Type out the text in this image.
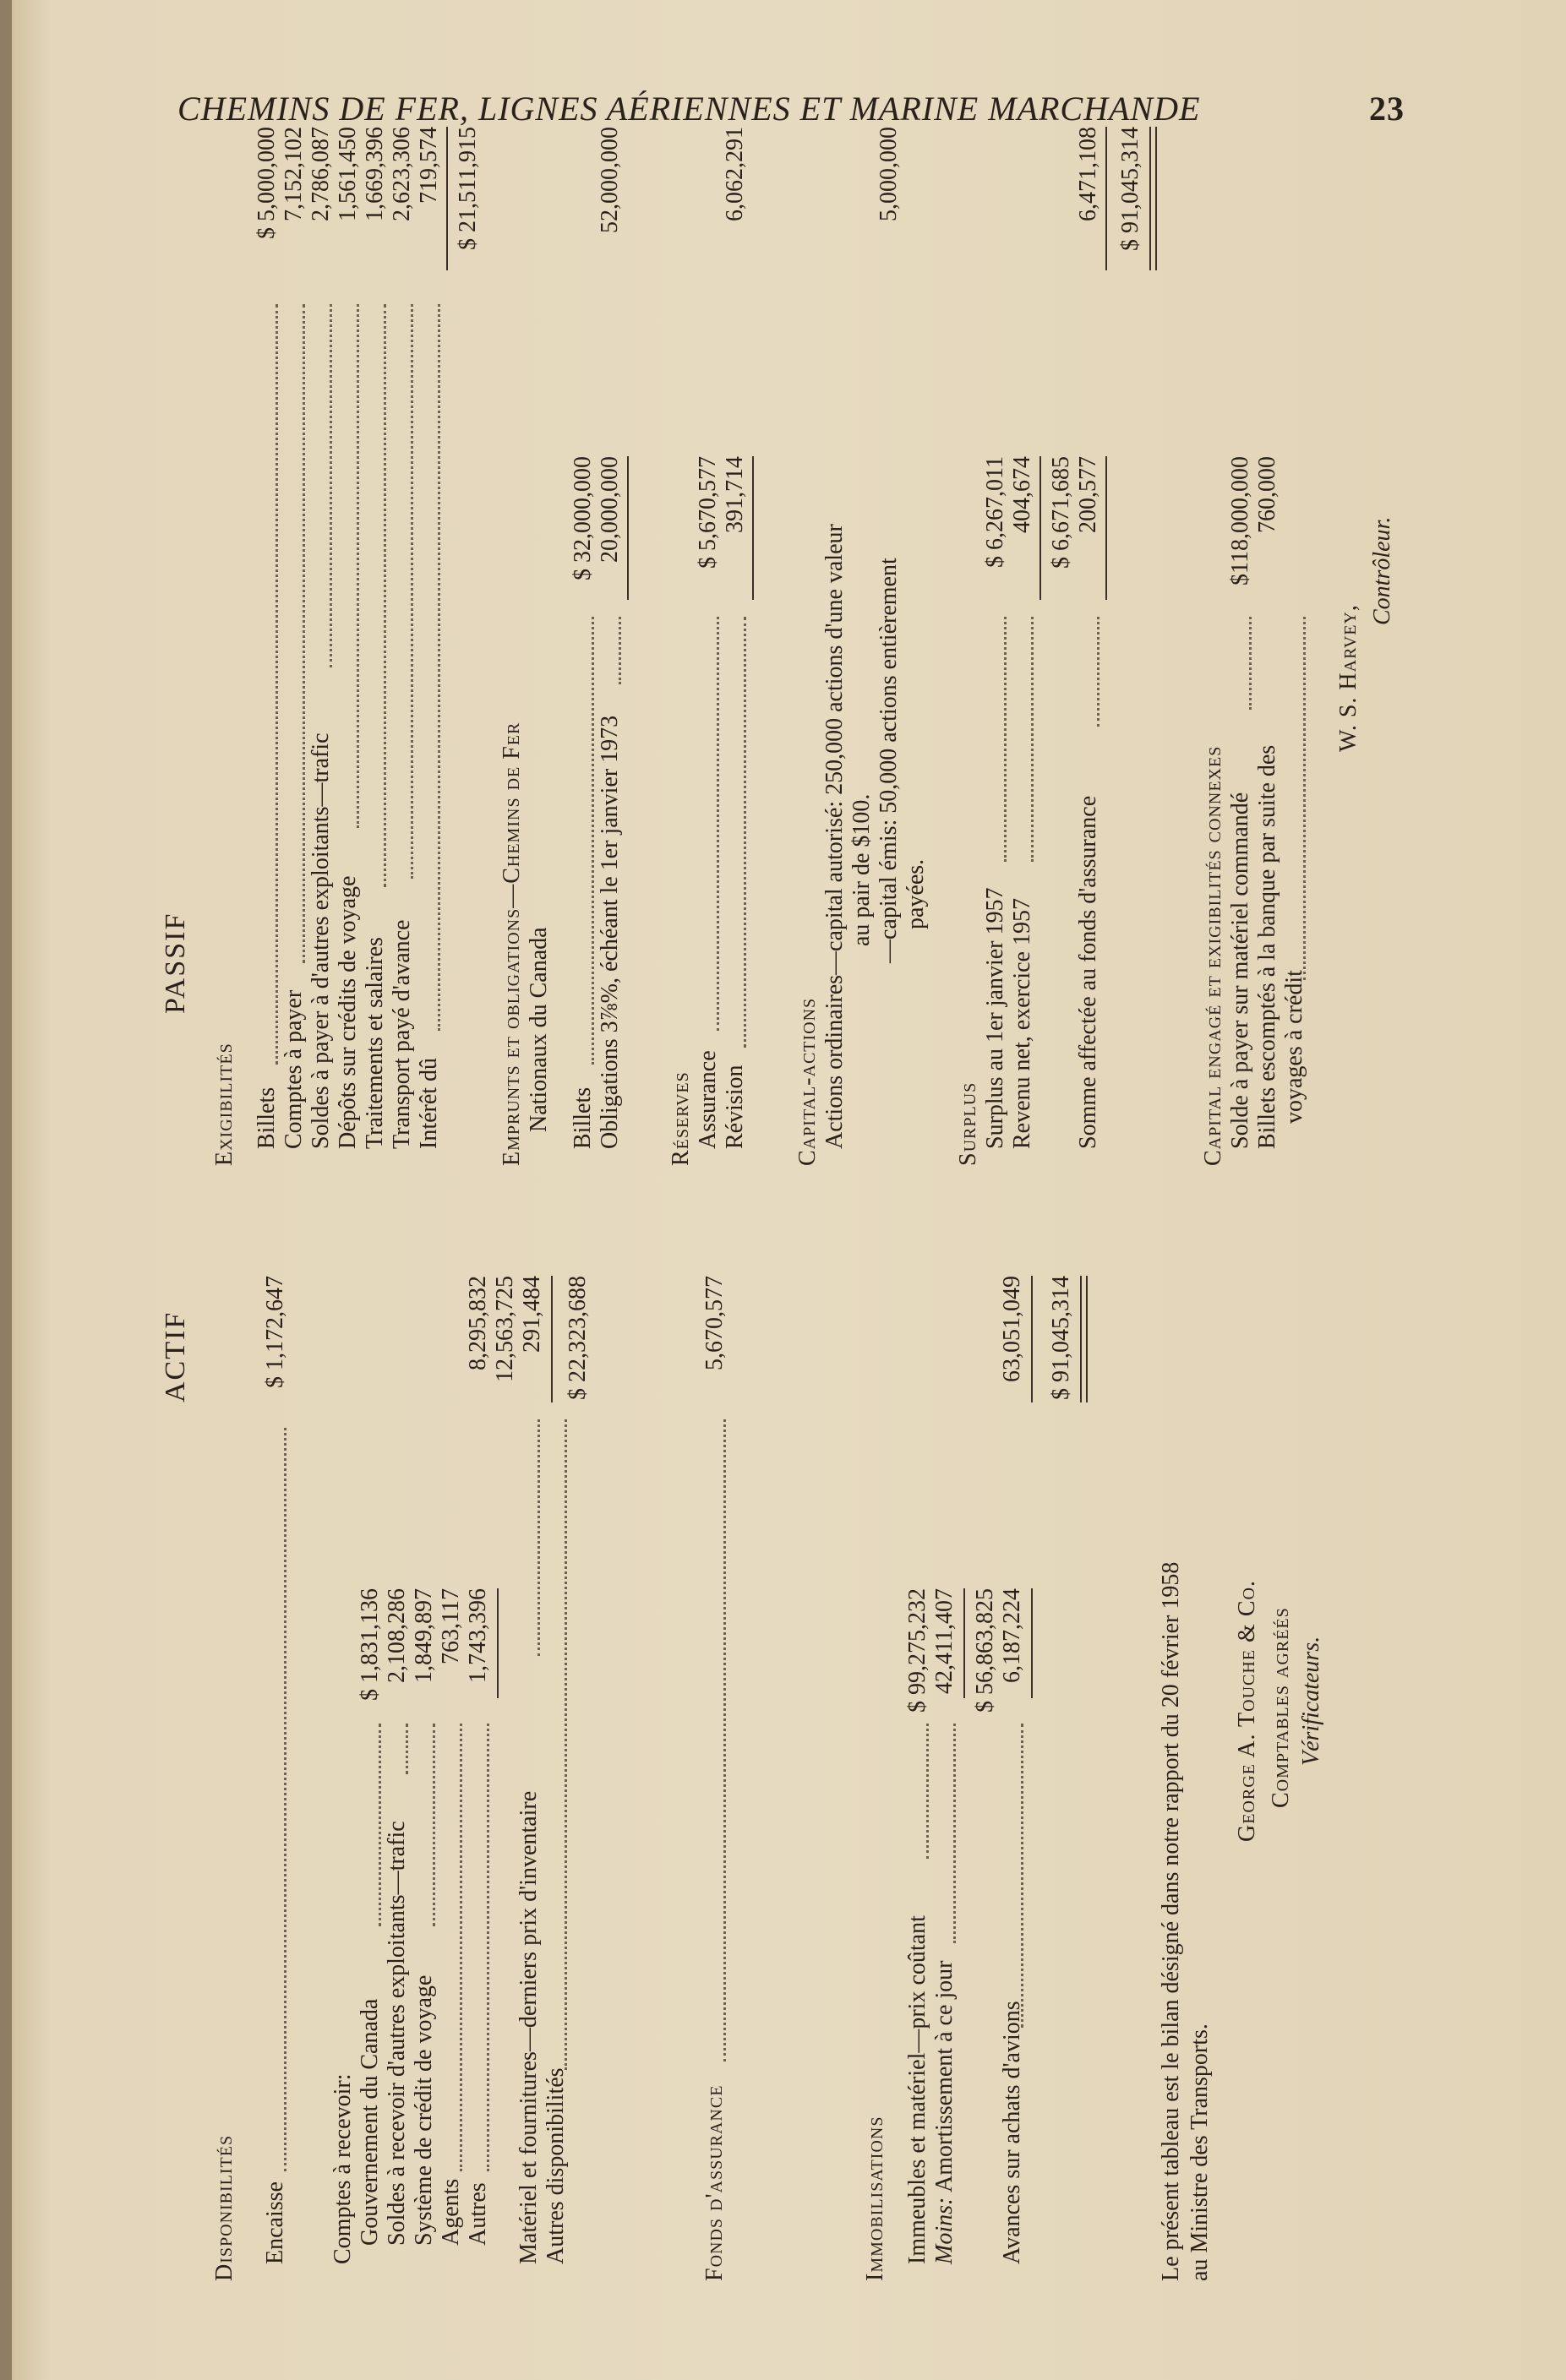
CHEMINS DE FER, LIGNES AÉRIENNES ET MARINE MARCHANDE	23
ACTIF
Disponibilités Encaisse
$ 1,172,647
Comptes à recevoir: Gouvernement du Canada
$ 1,831,136
Soldes à recevoir d'autres exploitants—trafic
2,108,286
Système de crédit de voyage
1,849,897
Agents
763,117
Autres
1,743,396
8,295,832
Matériel et fournitures—derniers prix d'inventaire
12,563,725
Autres disponibilités
291,484 $ 22,323,688
Fonds d'assurance
5,670,577
Immobilisations Immeubles et matériel—prix coûtant
$ 99,275,232
Moins:
Amortissement à ce jour
42,411,407 $ 56,863,825
Avances sur achats d'avions
6,187,224
63,051,049 $ 91,045,314
Le présent tableau est le bilan désigné dans notre rapport du 20 février 1958 au Ministre des Transports.
George A. Touche & Co. Comptables agréés Vérificateurs.
PASSIF
Exigibilités Billets
$ 5,000,000
Comptes à payer
7,152,102
Soldes à payer à d'autres exploitants—trafic
2,786,087
Dépôts sur crédits de voyage
1,561,450
Traitements et salaires
1,669,396
Transport payé d'avance
2,623,306
Intérêt dû
719,574 $ 21,511,915
Emprunts et obligations—Chemins de Fer Nationaux du Canada Billets
$ 32,000,000
Obligations 3⅞%, échéant le 1er janvier 1973
20,000,000
52,000,000
Réserves Assurance
$ 5,670,577
Révision
391,714
6,062,291
Capital-actions Actions ordinaires—capital autorisé: 250,000 actions d'une valeur au pair de $100. —capital émis: 50,000 actions entièrement payées.
5,000,000
Surplus Surplus au 1er janvier 1957
$ 6,267,011
Revenu net, exercice 1957
404,674 $ 6,671,685
Somme affectée au fonds d'assurance
200,577
6,471,108 $ 91,045,314
Capital engagé et exigibilités connexes Solde à payer sur matériel commandé
$118,000,000
Billets escomptés à la banque par suite des voyages à crédit
760,000
W. S. Harvey,
Contrôleur.
